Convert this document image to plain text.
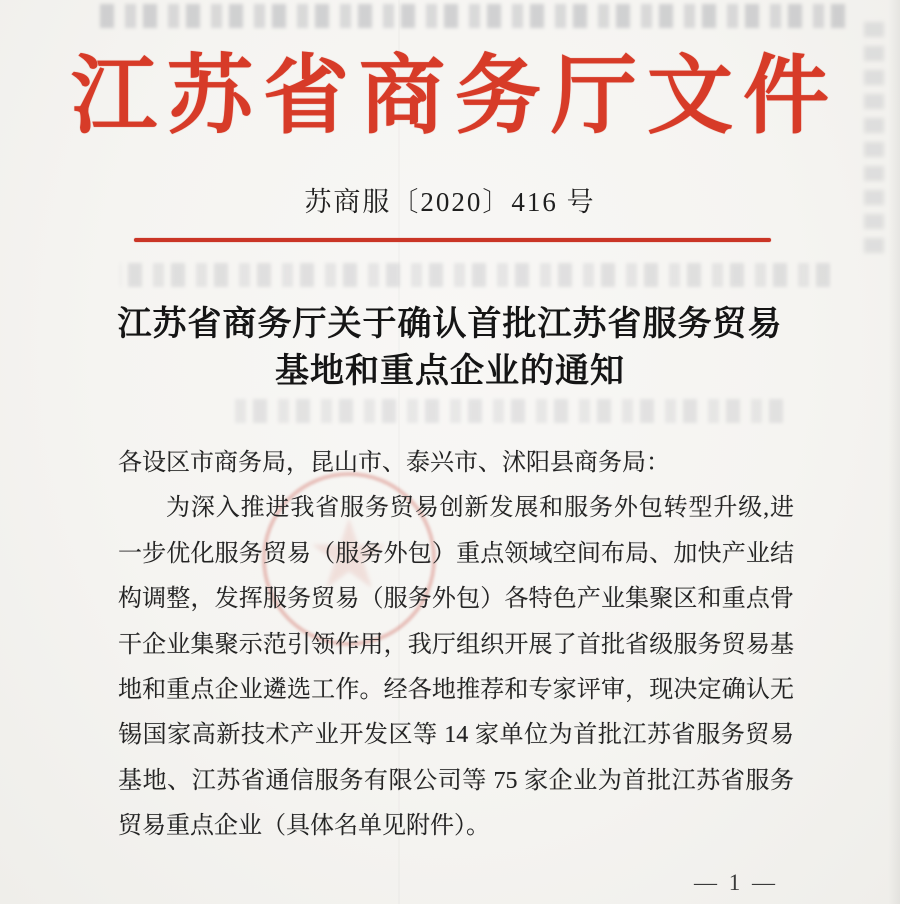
江苏省商务厅文件
苏商服〔2020〕416 号
江苏省商务厅关于确认首批江苏省服务贸易
基地和重点企业的通知
★
各设区市商务局，昆山市、泰兴市、沭阳县商务局：
为深入推进我省服务贸易创新发展和服务外包转型升级,进
一步优化服务贸易（服务外包）重点领域空间布局、加快产业结
构调整，发挥服务贸易（服务外包）各特色产业集聚区和重点骨
干企业集聚示范引领作用，我厅组织开展了首批省级服务贸易基
地和重点企业遴选工作。经各地推荐和专家评审，现决定确认无
锡国家高新技术产业开发区等 14 家单位为首批江苏省服务贸易
基地、江苏省通信服务有限公司等 75 家企业为首批江苏省服务
贸易重点企业（具体名单见附件）。
— 1 —
